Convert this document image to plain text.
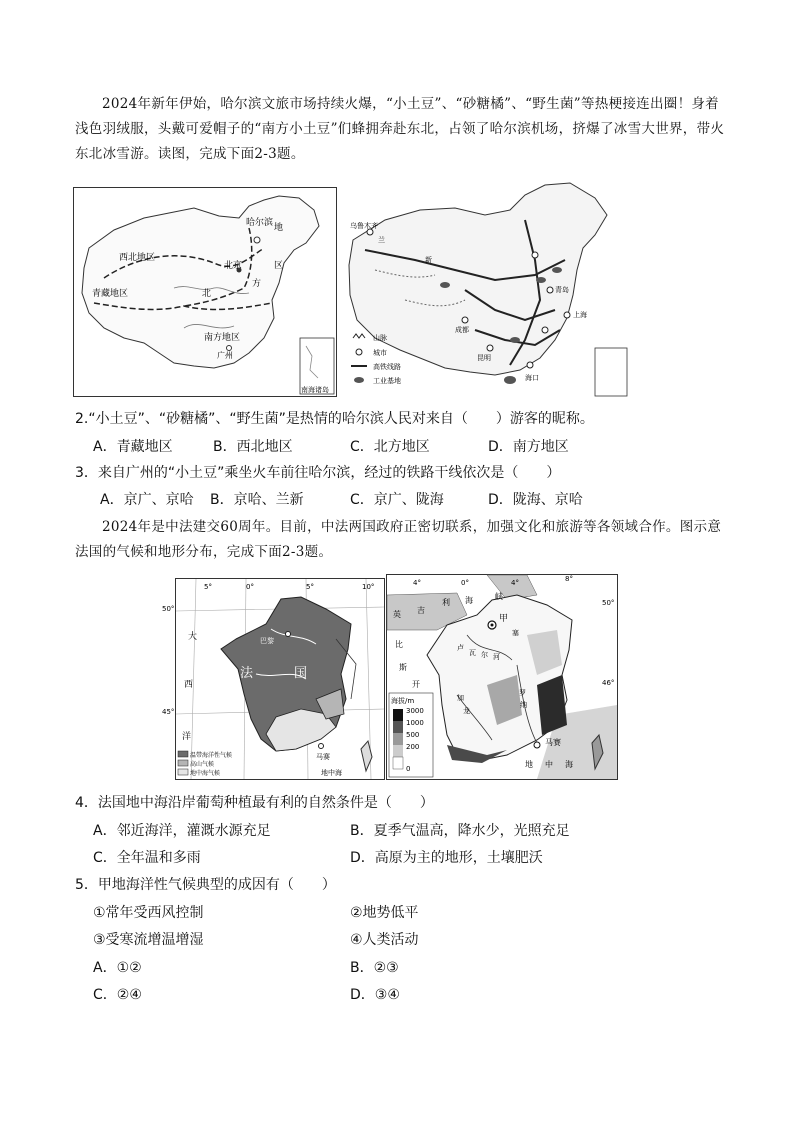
2024年新年伊始，哈尔滨文旅市场持续火爆，“小土豆”、“砂糖橘”、“野生菌”等热梗接连出圈！身着浅色羽绒服，头戴可爱帽子的“南方小土豆”们蜂拥奔赴东北，占领了哈尔滨机场，挤爆了冰雪大世界，带火东北冰雪游。读图，完成下面2-3题。
哈尔滨
西北地区
青藏地区
北京
北
方
地
南方地区
广州
区
南海诸岛
乌鲁木齐
兰
新
成都
昆明
青岛
上海
海口
山脉
城市
高铁线路
工业基地
2.“小土豆”、“砂糖橘”、“野生菌”是热情的哈尔滨人民对来自（　　）游客的昵称。
A．青藏地区	B．西北地区	C．北方地区	D．南方地区
3．来自广州的“小土豆”乘坐火车前往哈尔滨，经过的铁路干线依次是（　　）
A．京广、京哈 B．京哈、兰新	C．京广、陇海	D．陇海、京哈
2024年是中法建交60周年。目前，中法两国政府正密切联系，加强文化和旅游等各领域合作。图示意法国的气候和地形分布，完成下面2-3题。
5°	0°	5°	10°
50°
45°
大
西
洋
法	国
巴黎
马赛
地中海
温带海洋性气候
高山气候
地中海气候
4°	0°	4°	8°
50°
46°
英 吉
利 海	峡
比
斯
开
甲
马赛
地 中 海
卢
瓦 尔 河
加
龙
罗
纳
塞
海拔/m
3000
1000
500
200
0
4．法国地中海沿岸葡萄种植最有利的自然条件是（　　）
A．邻近海洋，灌溉水源充足	B．夏季气温高，降水少，光照充足
C．全年温和多雨	D．高原为主的地形，土壤肥沃
5．甲地海洋性气候典型的成因有（　　）
①常年受西风控制	②地势低平
③受寒流增温增湿	④人类活动
A．①②	B．②③
C．②④	D．③④
